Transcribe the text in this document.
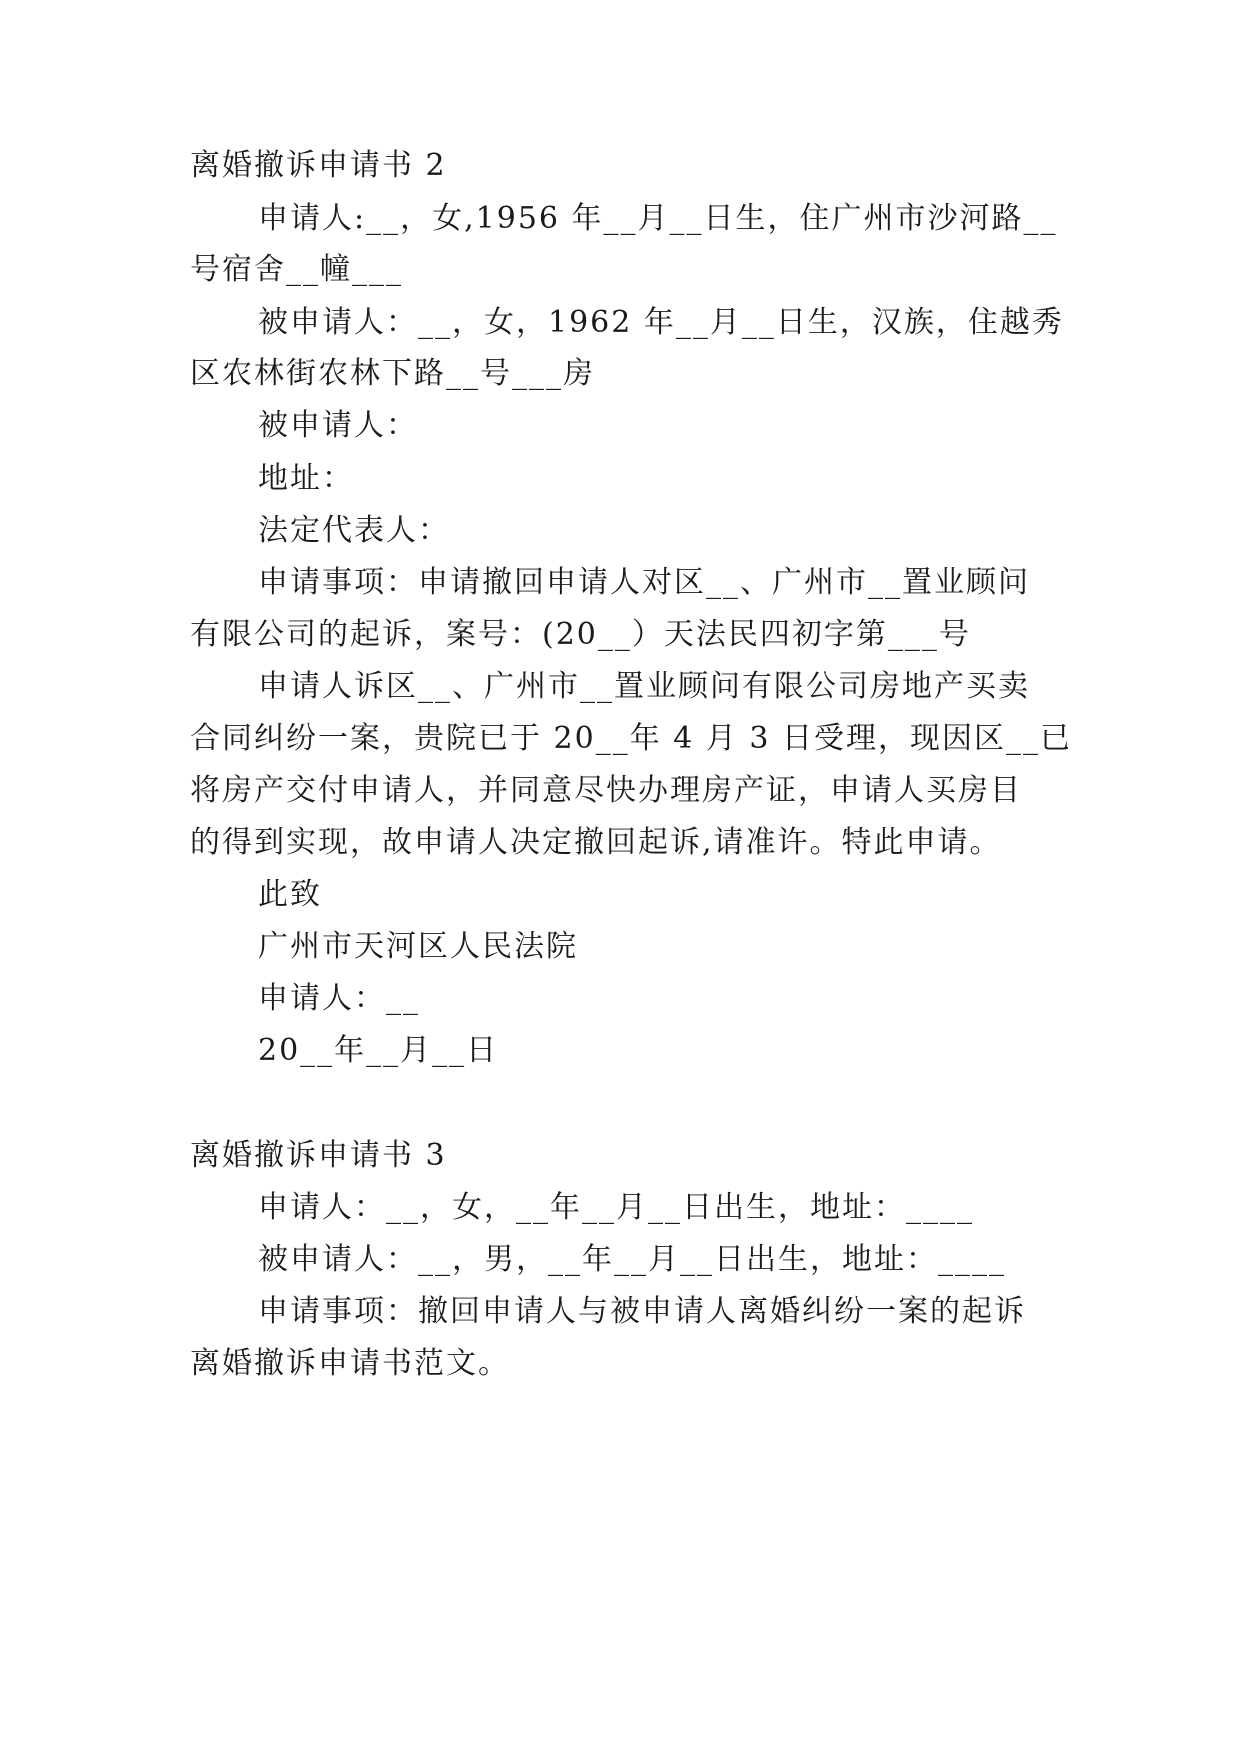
离婚撤诉申请书 2
申请人:__，女,1956 年__月__日生，住广州市沙河路__
号宿舍__幢___
被申请人：__，女，1962 年__月__日生，汉族，住越秀
区农林街农林下路__号___房
被申请人：
地址：
法定代表人：
申请事项：申请撤回申请人对区__、广州市__置业顾问
有限公司的起诉，案号：(20__）天法民四初字第___号
申请人诉区__、广州市__置业顾问有限公司房地产买卖
合同纠纷一案，贵院已于 20__年 4 月 3 日受理，现因区__已
将房产交付申请人，并同意尽快办理房产证，申请人买房目
的得到实现，故申请人决定撤回起诉,请准许。特此申请。
此致
广州市天河区人民法院
申请人：__
20__年__月__日
离婚撤诉申请书 3
申请人：__，女，__年__月__日出生，地址：____
被申请人：__，男，__年__月__日出生，地址：____
申请事项：撤回申请人与被申请人离婚纠纷一案的起诉
离婚撤诉申请书范文。
